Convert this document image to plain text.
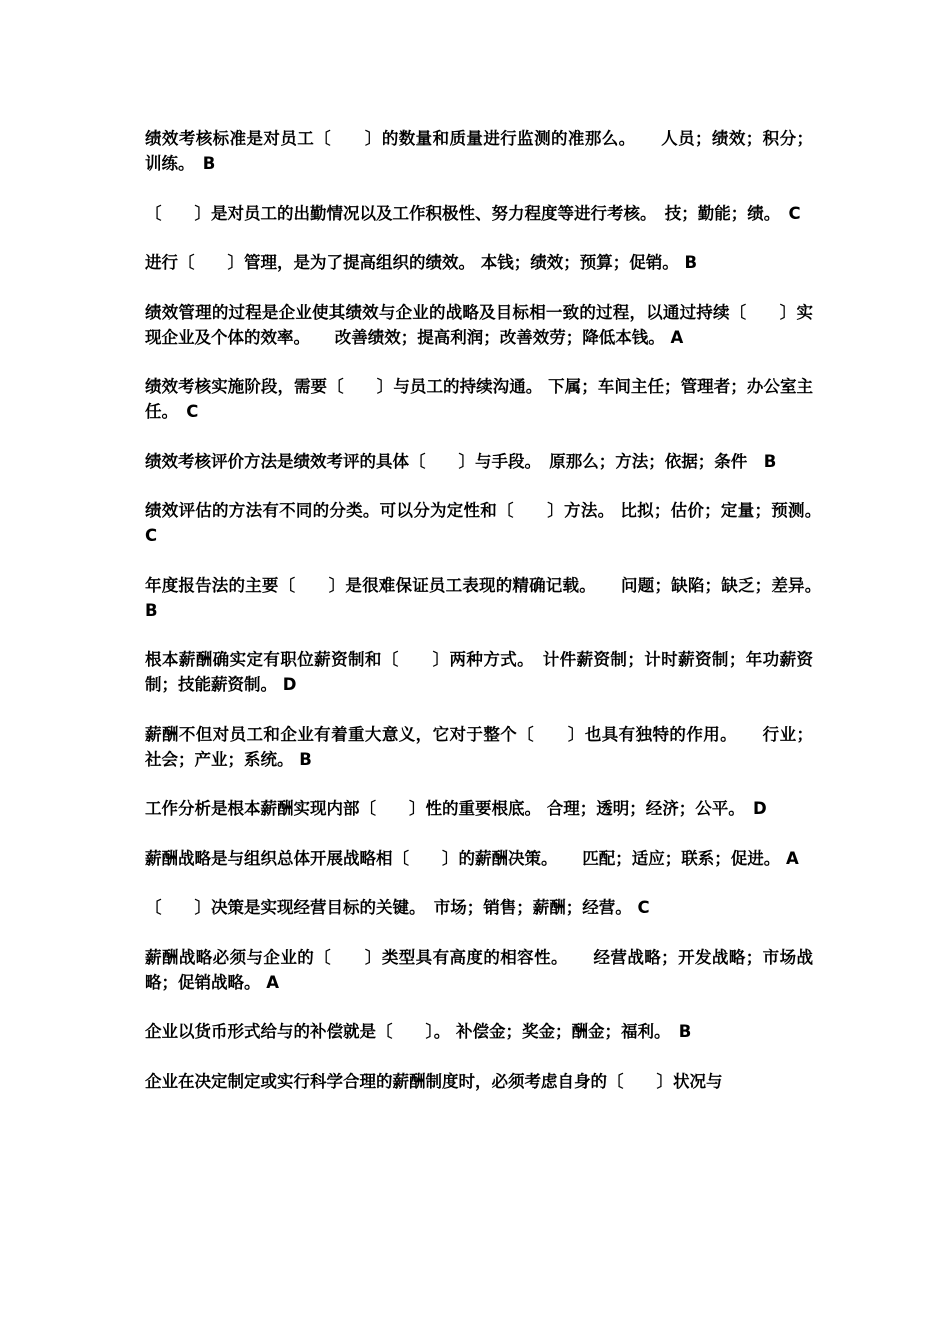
绩效考核标准是对员工〔　　〕的数量和质量进行监测的准那么。　　人员；绩效；积分；训练。　B

〔　　〕是对员工的出勤情况以及工作积极性、努力程度等进行考核。　技；勤能；绩。　C

进行〔　　〕管理，是为了提高组织的绩效。 本钱；绩效；预算；促销。 B

绩效管理的过程是企业使其绩效与企业的战略及目标相一致的过程，以通过持续〔　　〕实现企业及个体的效率。　　改善绩效；提高利润；改善效劳；降低本钱。 A

绩效考核实施阶段，需要〔　　〕与员工的持续沟通。 下属；车间主任；管理者；办公室主任。　C

绩效考核评价方法是绩效考评的具体〔　　〕与手段。　原那么；方法；依据；条件　B

绩效评估的方法有不同的分类。可以分为定性和〔　　〕方法。 比拟；估价；定量；预测。　C

年度报告法的主要〔　　〕是很难保证员工表现的精确记载。　　问题；缺陷；缺乏；差异。　B

根本薪酬确实定有职位薪资制和〔　　〕两种方式。　计件薪资制；计时薪资制；年功薪资制；技能薪资制。 D

薪酬不但对员工和企业有着重大意义，它对于整个〔　　〕也具有独特的作用。　　行业；社会；产业；系统。 B

工作分析是根本薪酬实现内部〔　　〕性的重要根底。 合理；透明；经济；公平。　D

薪酬战略是与组织总体开展战略相〔　　〕的薪酬决策。　　匹配；适应；联系；促进。 A

〔　　〕决策是实现经营目标的关键。　市场；销售；薪酬；经营。 C

薪酬战略必须与企业的〔　　〕类型具有高度的相容性。　　经营战略；开发战略；市场战略；促销战略。 A

企业以货币形式给与的补偿就是〔　　〕。 补偿金；奖金；酬金；福利。　B

企业在决定制定或实行科学合理的薪酬制度时，必须考虑自身的〔　　〕状况与
